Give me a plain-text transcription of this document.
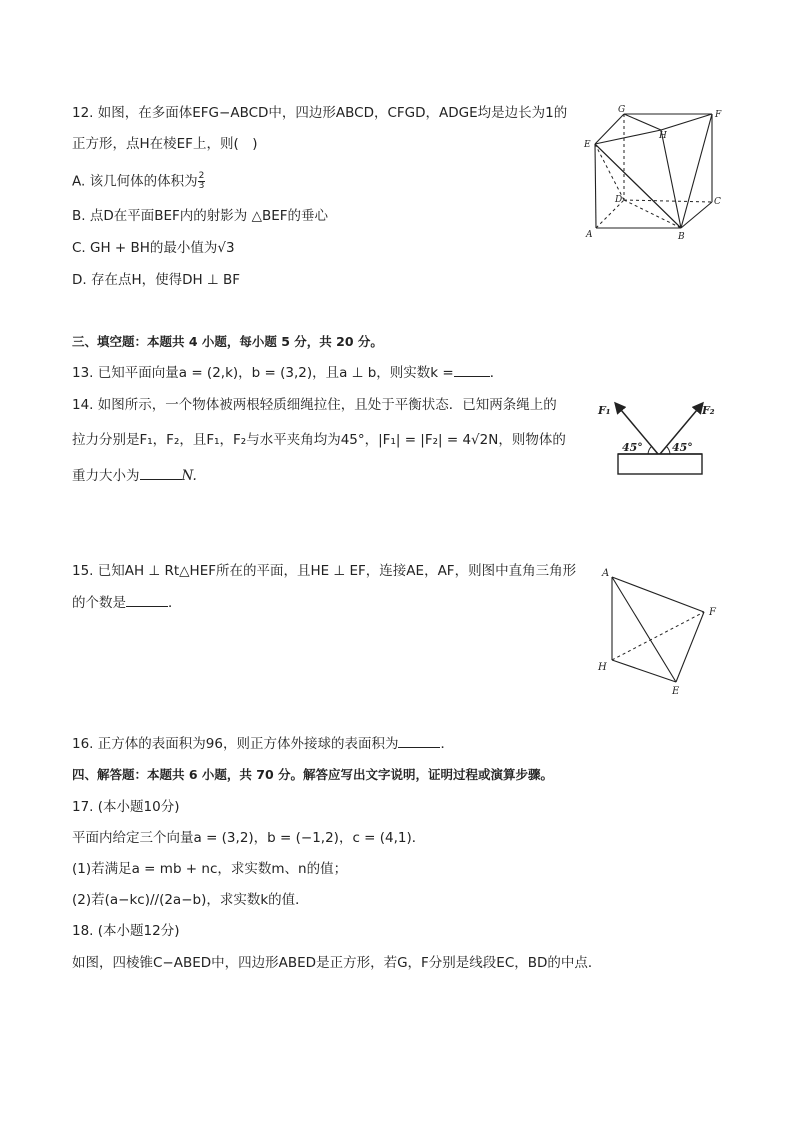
12. 如图，在多面体EFG−ABCD中，四边形ABCD，CFGD，ADGE均是边长为1的
正方形，点H在棱EF上，则(　)
A. 该几何体的体积为 $\frac{2}{3}$
B. 点D在平面BEF内的射影为 △BEF的垂心
C. GH + BH的最小值为√3
D. 存在点H，使得DH ⊥ BF
G	F
H
E
D	C
A	B
三、填空题：本题共 4 小题，每小题 5 分，共 20 分。
13. 已知平面向量a = (2,k)，b = (3,2)，且a ⊥ b，则实数k =	．
14. 如图所示，一个物体被两根轻质细绳拉住，且处于平衡状态．已知两条绳上的
拉力分别是F₁，F₂，且F₁，F₂与水平夹角均为45°，|F₁| = |F₂| = 4√2N，则物体的
重力大小为	N.
F₁	F₂
45°	45°
15. 已知AH ⊥ Rt△HEF所在的平面，且HE ⊥ EF，连接AE，AF，则图中直角三角形
的个数是	．
A
F
H
E
16. 正方体的表面积为96，则正方体外接球的表面积为	．
四、解答题：本题共 6 小题，共 70 分。解答应写出文字说明，证明过程或演算步骤。
17. (本小题10分)
平面内给定三个向量a = (3,2)，b = (−1,2)，c = (4,1)．
(1)若满足a = mb + nc，求实数m、n的值；
(2)若(a−kc)//(2a−b)，求实数k的值．
18. (本小题12分)
如图，四棱锥C−ABED中，四边形ABED是正方形，若G，F分别是线段EC，BD的中点．
